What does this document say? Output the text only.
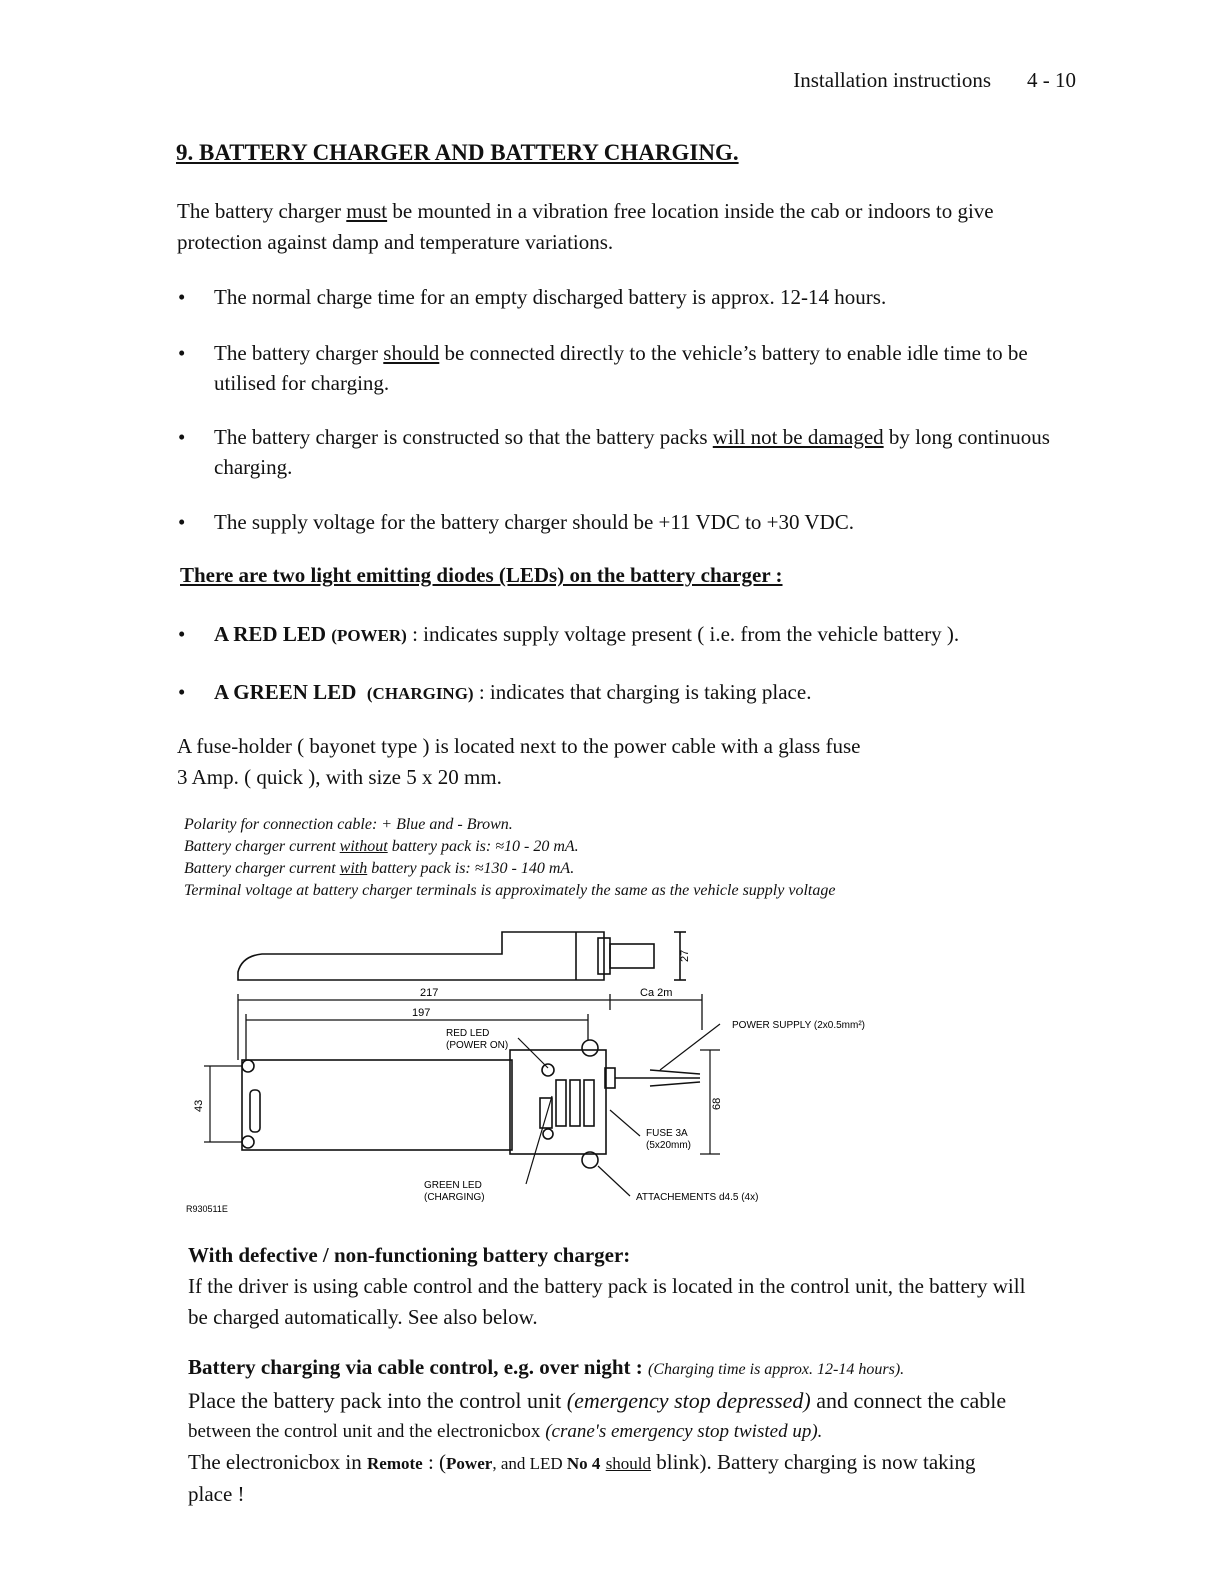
Installation instructions 4 - 10
9. BATTERY CHARGER AND BATTERY CHARGING.
The battery charger must be mounted in a vibration free location inside the cab or indoors to give protection against damp and temperature variations.
• The normal charge time for an empty discharged battery is approx. 12-14 hours.
• The battery charger should be connected directly to the vehicle’s battery to enable idle time to be utilised for charging.
• The battery charger is constructed so that the battery packs will not be damaged by long continuous charging.
• The supply voltage for the battery charger should be +11 VDC to +30 VDC.
There are two light emitting diodes (LEDs) on the battery charger :
• A RED LED (POWER) : indicates supply voltage present ( i.e. from the vehicle battery ).
• A GREEN LED (CHARGING) : indicates that charging is taking place.
A fuse-holder ( bayonet type ) is located next to the power cable with a glass fuse
3 Amp. ( quick ), with size 5 x 20 mm.
Polarity for connection cable: + Blue and - Brown.
Battery charger current without battery pack is: ≈10 - 20 mA.
Battery charger current with battery pack is: ≈130 - 140 mA.
Terminal voltage at battery charger terminals is approximately the same as the vehicle supply voltage
27
217
197
Ca 2m
43	68
RED LED
(POWER ON)
POWER SUPPLY (2x0.5mm²)
FUSE 3A
(5x20mm)
GREEN LED
(CHARGING)	ATTACHEMENTS d4.5 (4x)
R930511E
With defective / non-functioning battery charger:
If the driver is using cable control and the battery pack is located in the control unit, the battery will be charged automatically. See also below.
Battery charging via cable control, e.g. over night : (Charging time is approx. 12-14 hours).
Place the battery pack into the control unit (emergency stop depressed) and connect the cable
between the control unit and the electronicbox (crane's emergency stop twisted up).
The electronicbox in Remote : (Power, and LED No 4 should blink). Battery charging is now taking
place !
